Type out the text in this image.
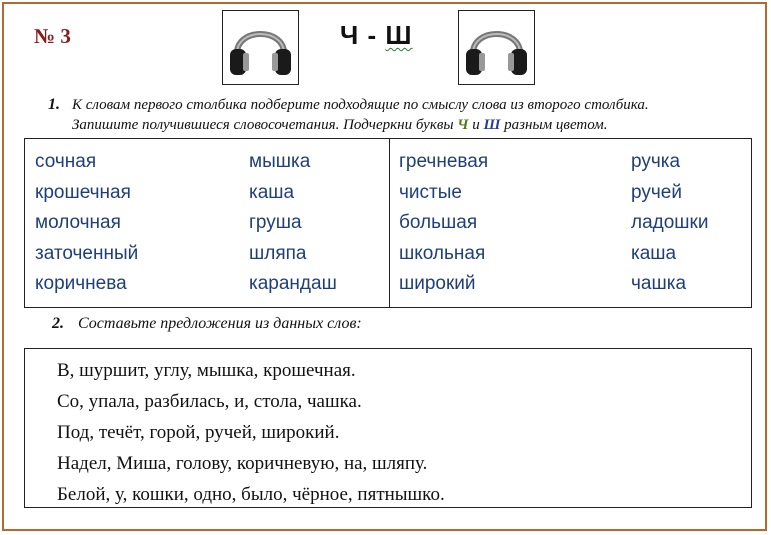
№ 3	Ч - Ш
1. К словам первого столбика подберите подходящие по смыслу слова из второго столбика.
Запишите получившиеся словосочетания. Подчеркни буквы Ч и Ш разным цветом.
сочная
крошечная
молочная
заточенный
коричнева
мышка
каша
груша
шляпа
карандаш
гречневая
чистые
большая
школьная
широкий
ручка
ручей
ладошки
каша
чашка
2. Составьте предложения из данных слов:
В, шуршит, углу, мышка, крошечная.
Со, упала, разбилась, и, стола, чашка.
Под, течёт, горой, ручей, широкий.
Надел, Миша, голову, коричневую, на, шляпу.
Белой, у, кошки, одно, было, чёрное, пятнышко.
